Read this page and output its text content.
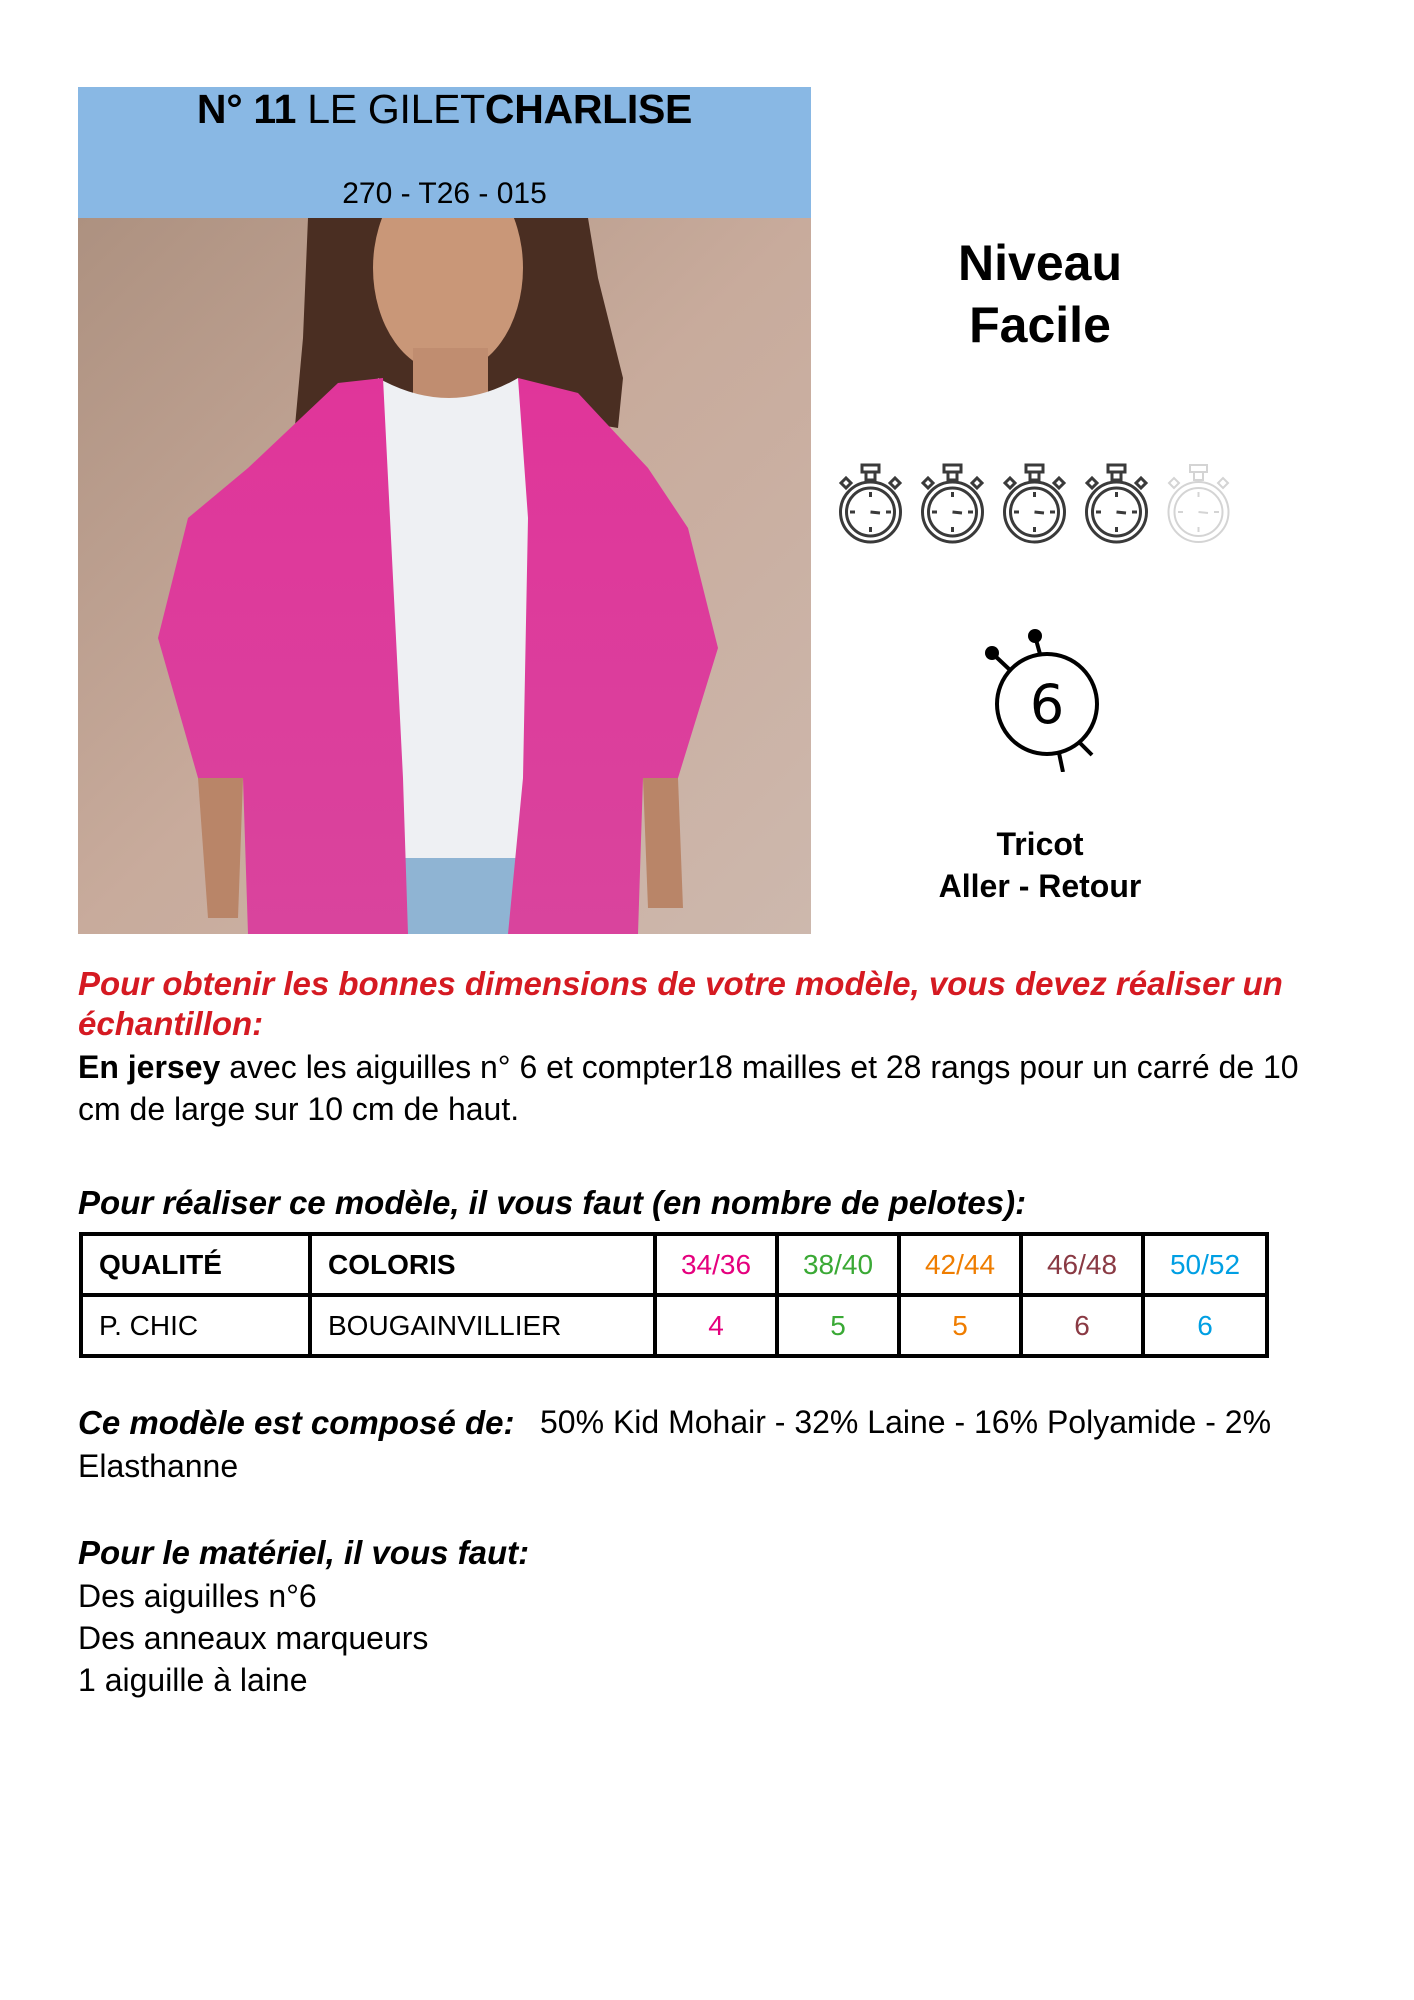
N° 11 LE GILETCHARLISE
270 - T26 - 015
Niveau
Facile
6
Tricot
Aller - Retour
Pour obtenir les bonnes dimensions de votre modèle, vous devez réaliser un échantillon:
En jersey avec les aiguilles n° 6 et compter18 mailles et 28 rangs pour un carré de 10 cm de large sur 10 cm de haut.
Pour réaliser ce modèle, il vous faut (en nombre de pelotes):
QUALITÉ	COLORIS	34/36	38/40	42/44	46/48	50/52
P. CHIC	BOUGAINVILLIER	4	5	5	6	6
50% Kid Mohair - 32% Laine - 16% Polyamide - 2% Elasthanne
Ce modèle est composé de:
Pour le matériel, il vous faut:
Des aiguilles n°6
Des anneaux marqueurs
1 aiguille à laine
